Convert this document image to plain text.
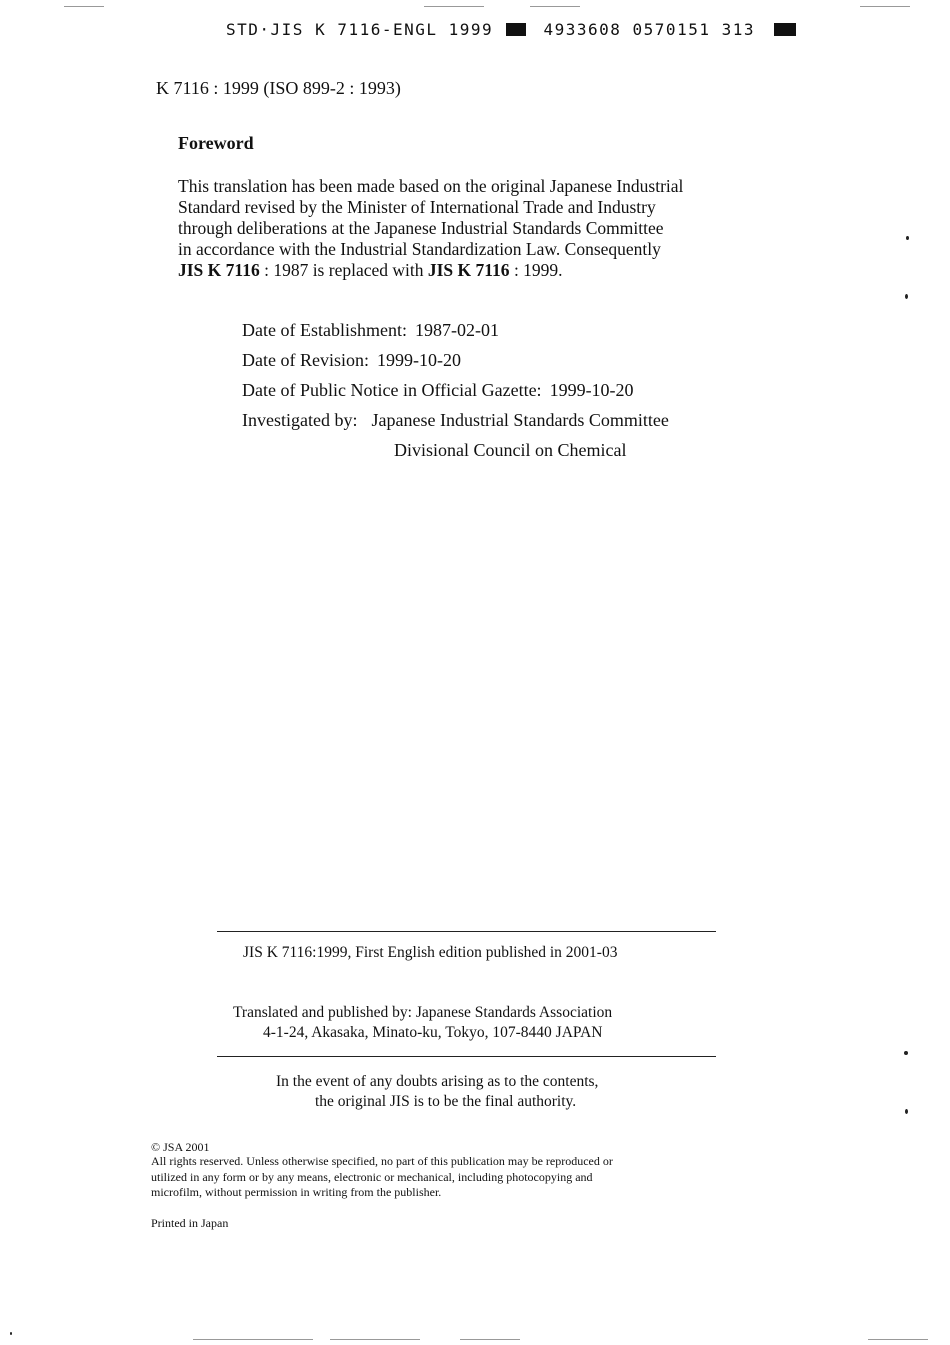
STD·JIS K 7116-ENGL 1999	4933608 0570151 313
K 7116 : 1999 (ISO 899-2 : 1993)
Foreword
This translation has been made based on the original Japanese Industrial
Standard revised by the Minister of International Trade and Industry
through deliberations at the Japanese Industrial Standards Committee
in accordance with the Industrial Standardization Law. Consequently
JIS K 7116 : 1987 is replaced with JIS K 7116 : 1999.
Date of Establishment: 1987-02-01
Date of Revision: 1999-10-20
Date of Public Notice in Official Gazette: 1999-10-20
Investigated by: Japanese Industrial Standards Committee
Divisional Council on Chemical
JIS K 7116:1999, First English edition published in 2001-03
Translated and published by: Japanese Standards Association
4-1-24, Akasaka, Minato-ku, Tokyo, 107-8440 JAPAN
In the event of any doubts arising as to the contents,
the original JIS is to be the final authority.
© JSA 2001
All rights reserved. Unless otherwise specified, no part of this publication may be reproduced or
utilized in any form or by any means, electronic or mechanical, including photocopying and
microfilm, without permission in writing from the publisher.
Printed in Japan
